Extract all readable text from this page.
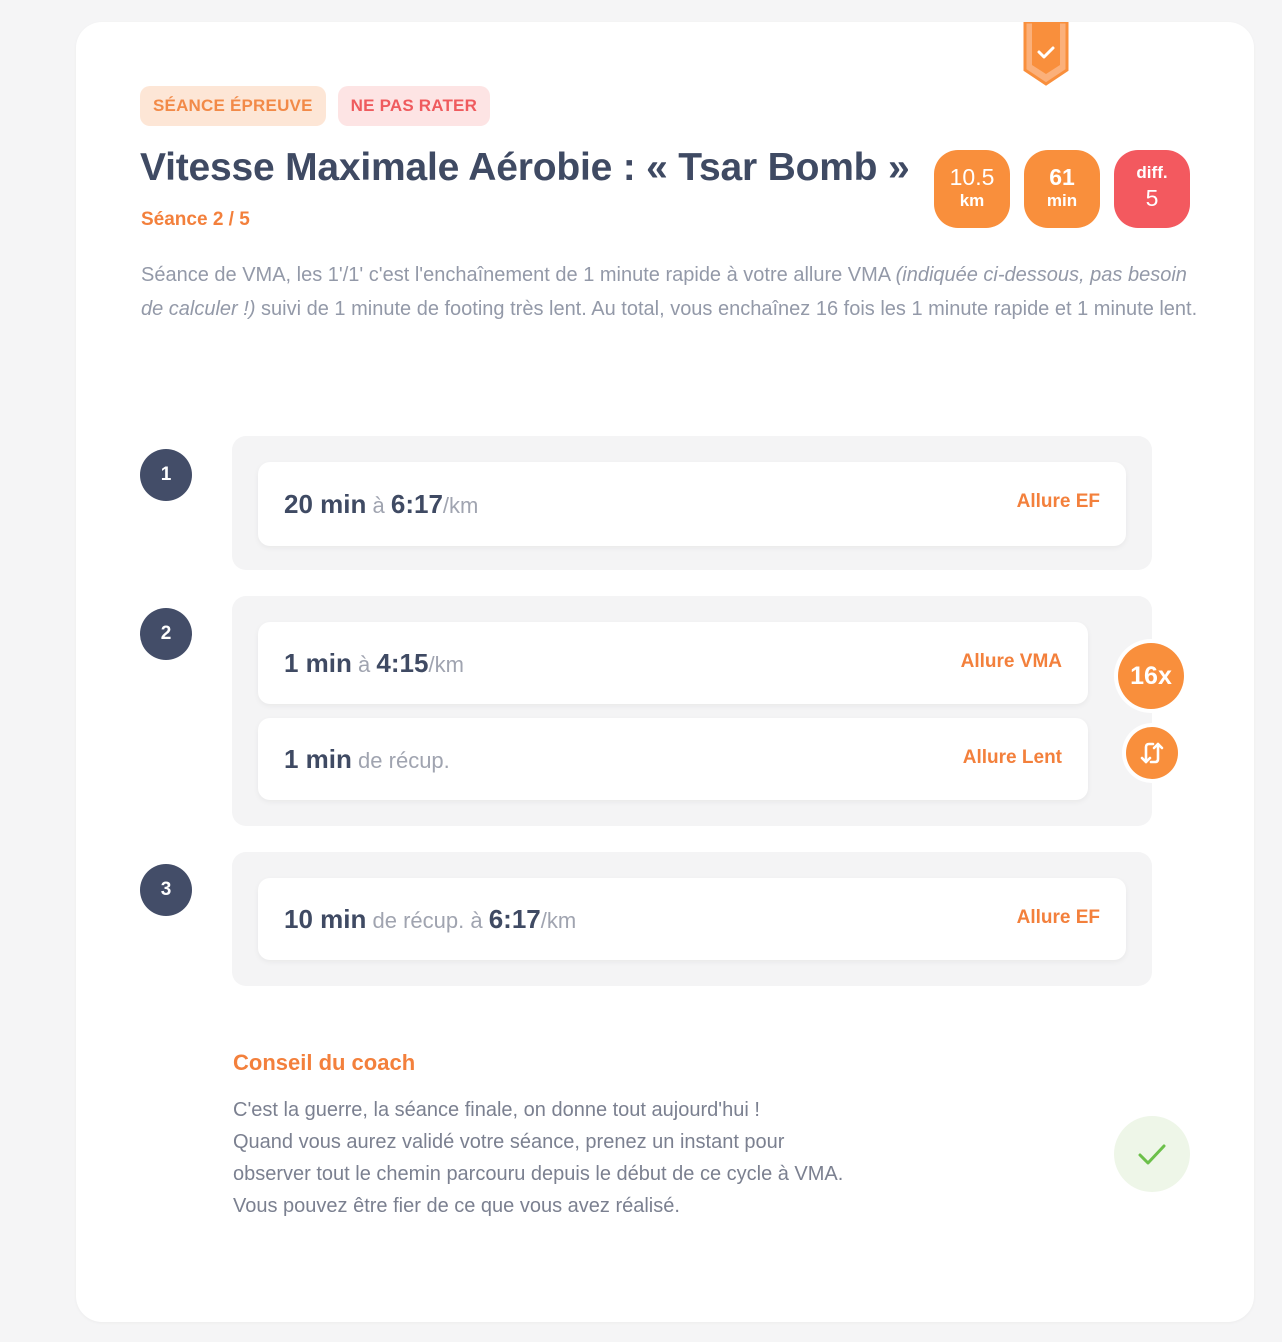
SÉANCE ÉPREUVE	NE PAS RATER
Vitesse Maximale Aérobie : « Tsar Bomb »
Séance 2 / 5
10.5
km
61
min
diff.
5

Séance de VMA, les 1'/1' c'est l'enchaînement de 1 minute rapide à votre allure VMA (indiquée ci-dessous, pas besoin de calculer !) suivi de 1 minute de footing très lent. Au total, vous enchaînez 16 fois les 1 minute rapide et 1 minute lent.

1
20 min à 6:17/km	Allure EF
2
1 min à 4:15/km	Allure VMA
1 min de récup.	Allure Lent
16x
3
10 min de récup. à 6:17/km	Allure EF
Conseil du coach
C'est la guerre, la séance finale, on donne tout aujourd'hui !
Quand vous aurez validé votre séance, prenez un instant pour
observer tout le chemin parcouru depuis le début de ce cycle à VMA.
Vous pouvez être fier de ce que vous avez réalisé.
